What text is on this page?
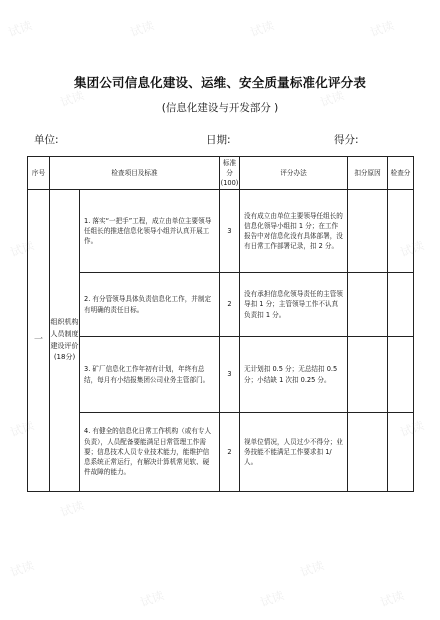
集团公司信息化建设、运维、安全质量标准化评分表
(信息化建设与开发部分 )
单位:	日期:	得分:
序号	检查项目及标准		标准分(100)	评分办法	扣分原因	检查分
一	组织机构人员制度建设评价(18分)	1. 落实“一把手”工程，成立由单位主要领导任组长的推进信息化领导小组并认真开展工作。	3	没有成立由单位主要领导任组长的信息化领导小组扣 1 分；在工作报告中对信息化没有具体部署，没有日常工作部署记录，扣 2 分。		
		2. 有分管领导具体负责信息化工作，并制定有明确的责任目标。	2	没有承担信息化领导责任的主管领导扣 1 分；主管领导工作不认真负责扣 1 分。		
		3. 矿厂信息化工作年初有计划，年终有总结，每月有小结报集团公司业务主管部门。	3	无计划扣 0.5 分；无总结扣 0.5 分；小结缺 1 次扣 0.25 分。		
		4. 有健全的信息化日常工作机构（或有专人负责），人员配备要能满足日常管理工作需要；信息技术人员专业技术能力，能维护信息系统正常运行，有解决计算机常见软、硬件故障的能力。	2	视单位情况，人员过少不得分；业务技能不能满足工作要求扣 1/人。		
试读	试读	试读	试读
试读	试读
试读	试读
试读	试读
试读
试读	试读	试读
试读
试读
